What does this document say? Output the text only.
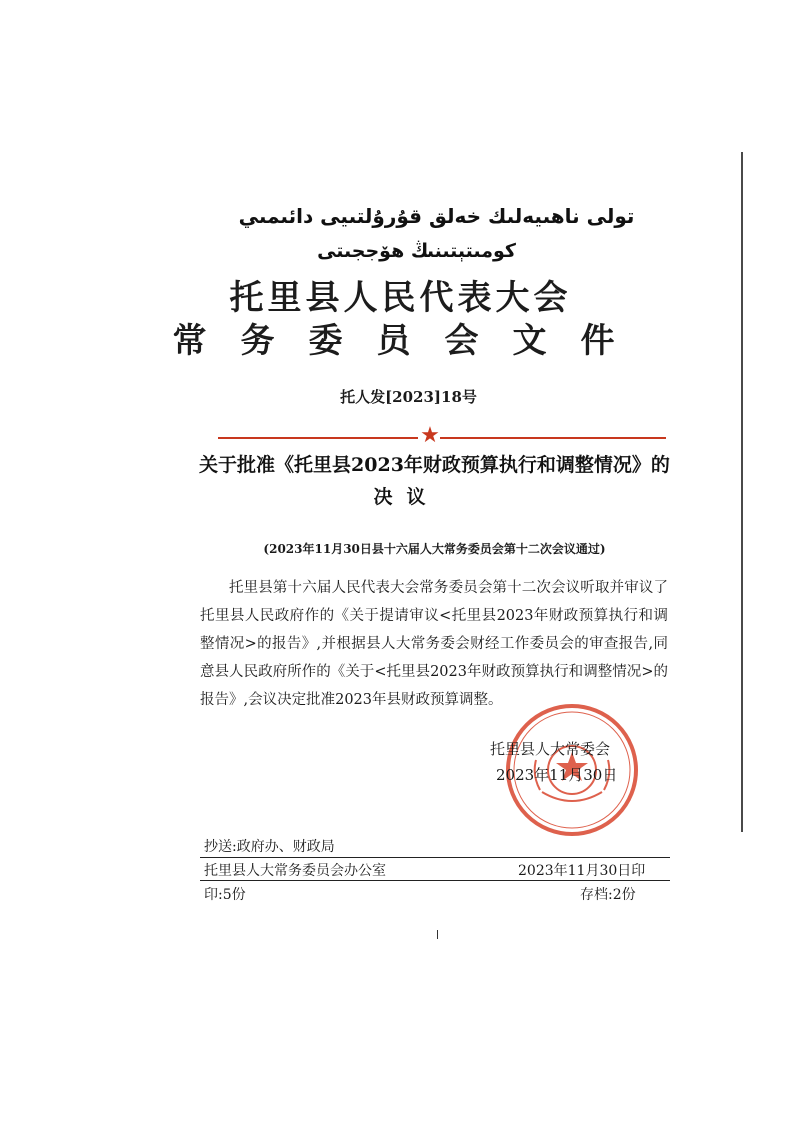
تولى ناھىيەلىك خەلق قۇرۇلتىيى دائىمىي
كومىتېتىنىڭ ھۆججىتى
托里县人民代表大会
常务委员会文件
托人发[2023]18号
★
关于批准《托里县2023年财政预算执行和调整情况》的
决议
(2023年11月30日县十六届人大常务委员会第十二次会议通过)
托里县第十六届人民代表大会常务委员会第十二次会议听取并审议了托里县人民政府作的《关于提请审议<托里县2023年财政预算执行和调整情况>的报告》,并根据县人大常务委会财经工作委员会的审查报告,同意县人民政府所作的《关于<托里县2023年财政预算执行和调整情况>的报告》,会议决定批准2023年县财政预算调整。
托里县人大常委会
2023年11月30日
抄送:政府办、财政局
托里县人大常务委员会办公室	2023年11月30日印
印:5份	存档:2份
